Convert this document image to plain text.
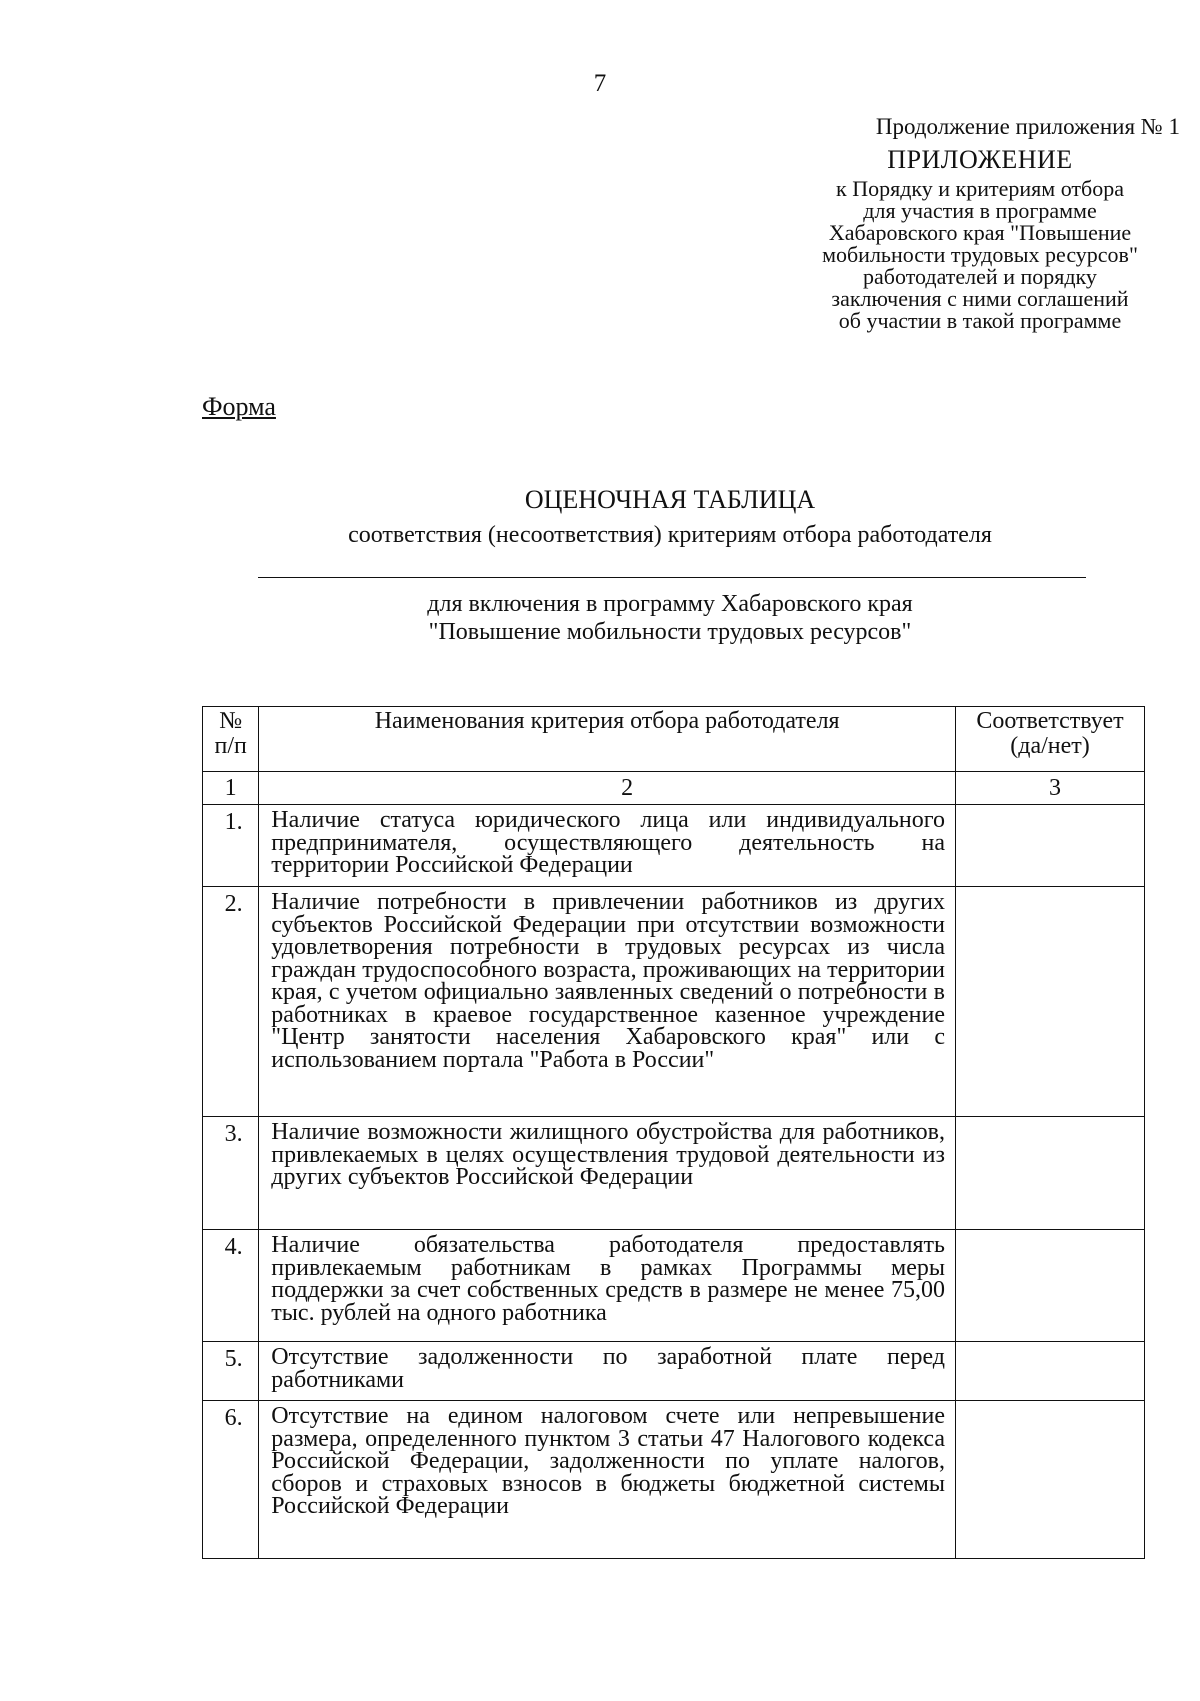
7
Продолжение приложения № 1
ПРИЛОЖЕНИЕ
к Порядку и критериям отбора
для участия в программе
Хабаровского края "Повышение
мобильности трудовых ресурсов"
работодателей и порядку
заключения с ними соглашений
об участии в такой программе
Форма
ОЦЕНОЧНАЯ ТАБЛИЦА
соответствия (несоответствия) критериям отбора работодателя
для включения в программу Хабаровского края
"Повышение мобильности трудовых ресурсов"
№ п/п	Наименования критерия отбора работодателя	Соответствует (да/нет)
1	2	3
1.	Наличие статуса юридического лица или индивидуального предпринимателя, осуществляющего деятельность на территории Российской Федерации	
2.	Наличие потребности в привлечении работников из других субъектов Российской Федерации при отсутствии возможности удовлетворения потребности в трудовых ресурсах из числа граждан трудоспособного возраста, проживающих на территории края, с учетом официально заявленных сведений о потребности в работниках в краевое государственное казенное учреждение "Центр занятости населения Хабаровского края" или с использованием портала "Работа в России"	
3.	Наличие возможности жилищного обустройства для работников, привлекаемых в целях осуществления трудовой деятельности из других субъектов Российской Федерации	
4.	Наличие обязательства работодателя предоставлять привлекаемым работникам в рамках Программы меры поддержки за счет собственных средств в размере не менее 75,00 тыс. рублей на одного работника	
5.	Отсутствие задолженности по заработной плате перед работниками	
6.	Отсутствие на едином налоговом счете или непревышение размера, определенного пунктом 3 статьи 47 Налогового кодекса Российской Федерации, задолженности по уплате налогов, сборов и страховых взносов в бюджеты бюджетной системы Российской Федерации	
